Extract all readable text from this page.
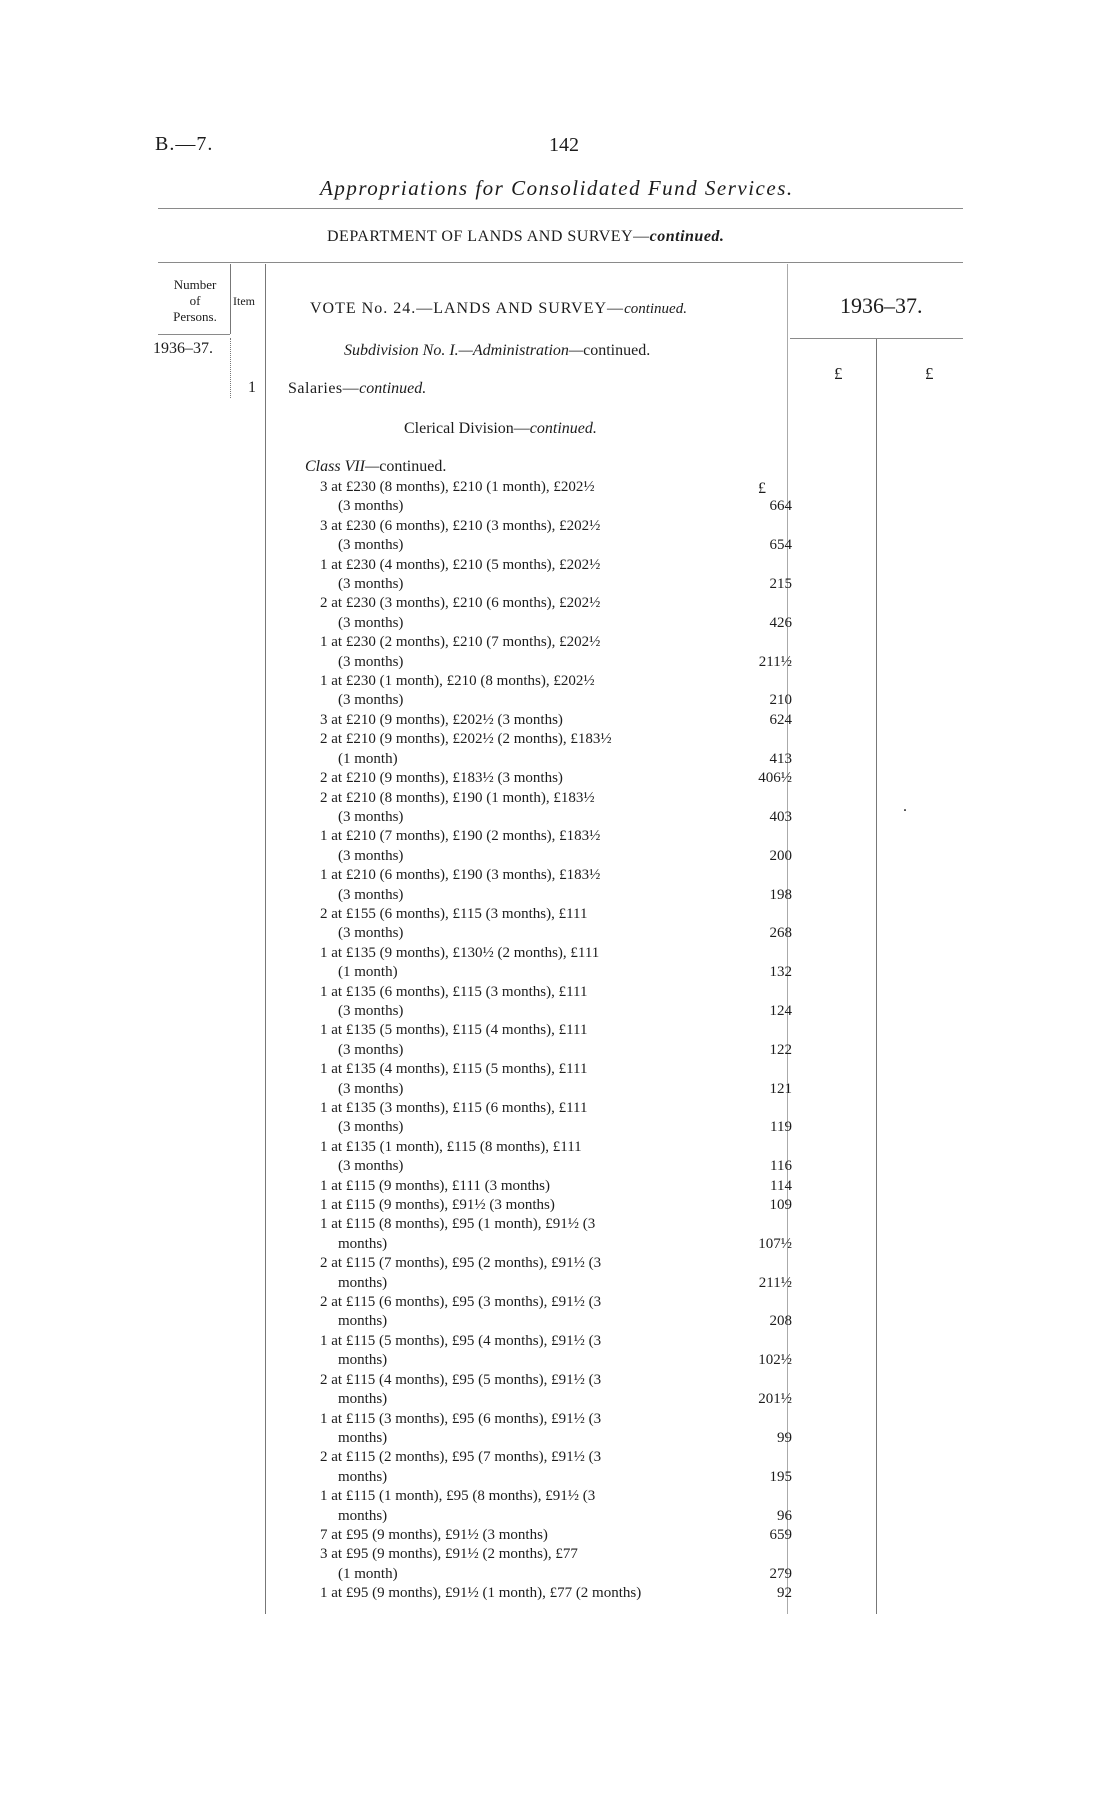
B.—7.	142
Appropriations for Consolidated Fund Services.
DEPARTMENT OF LANDS AND SURVEY—continued.
Number
of
Persons.
Item	VOTE No. 24.—LANDS AND SURVEY—continued.	1936–37.
1936–37.
£	£
Subdivision No. I.—Administration—continued.
1 Salaries—continued.
Clerical Division—continued.
Class VII—continued.
£
.
3 at £230 (8 months), £210 (1 month), £202½
(3 months)
	664
3 at £230 (6 months), £210 (3 months), £202½
(3 months)
	654
1 at £230 (4 months), £210 (5 months), £202½
(3 months)
	215
2 at £230 (3 months), £210 (6 months), £202½
(3 months)
	426
1 at £230 (2 months), £210 (7 months), £202½
(3 months)
	211½
1 at £230 (1 month), £210 (8 months), £202½
(3 months)
	210
3 at £210 (9 months), £202½ (3 months)
	624
2 at £210 (9 months), £202½ (2 months), £183½
(1 month)
	413
2 at £210 (9 months), £183½ (3 months)
	406½
2 at £210 (8 months), £190 (1 month), £183½
(3 months)
	403
1 at £210 (7 months), £190 (2 months), £183½
(3 months)
	200
1 at £210 (6 months), £190 (3 months), £183½
(3 months)
	198
2 at £155 (6 months), £115 (3 months), £111
(3 months)
	268
1 at £135 (9 months), £130½ (2 months), £111
(1 month)
	132
1 at £135 (6 months), £115 (3 months), £111
(3 months)
	124
1 at £135 (5 months), £115 (4 months), £111
(3 months)
	122
1 at £135 (4 months), £115 (5 months), £111
(3 months)
	121
1 at £135 (3 months), £115 (6 months), £111
(3 months)
	119
1 at £135 (1 month), £115 (8 months), £111
(3 months)
	116
1 at £115 (9 months), £111 (3 months)
	114
1 at £115 (9 months), £91½ (3 months)
	109
1 at £115 (8 months), £95 (1 month), £91½ (3
months)
	107½
2 at £115 (7 months), £95 (2 months), £91½ (3
months)
	211½
2 at £115 (6 months), £95 (3 months), £91½ (3
months)
	208
1 at £115 (5 months), £95 (4 months), £91½ (3
months)
	102½
2 at £115 (4 months), £95 (5 months), £91½ (3
months)
	201½
1 at £115 (3 months), £95 (6 months), £91½ (3
months)
	99
2 at £115 (2 months), £95 (7 months), £91½ (3
months)
	195
1 at £115 (1 month), £95 (8 months), £91½ (3
months)
	96
7 at £95 (9 months), £91½ (3 months)
	659
3 at £95 (9 months), £91½ (2 months), £77
(1 month)
	279
1 at £95 (9 months), £91½ (1 month), £77 (2 months)
	92
